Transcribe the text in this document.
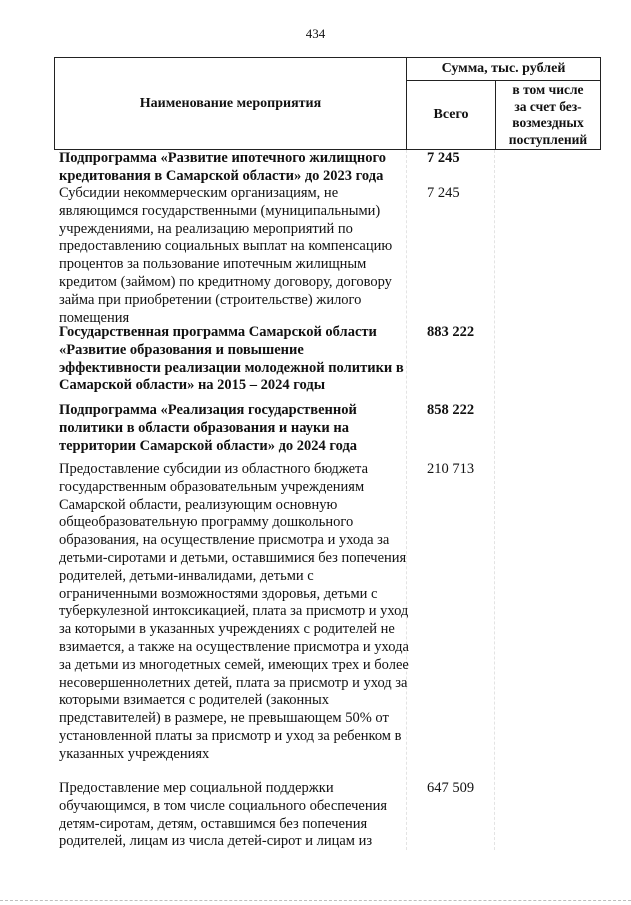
434
Наименование мероприятия
Сумма, тыс. рублей
Всего
в том числе
за счет без-
возмездных
поступлений
Подпрограмма «Развитие ипотечного жилищного кредитования в Самарской области» до 2023 года
7 245
Субсидии некоммерческим организациям, не являющимся государственными (муниципальными) учреждениями, на реализацию мероприятий по предоставлению социальных выплат на компенсацию процентов за пользование ипотечным жилищным кредитом (займом) по кредитному договору, договору займа при приобретении (строительстве) жилого помещения
7 245
Государственная программа Самарской области «Развитие образования и повышение эффективности реализации молодежной политики в Самарской области» на 2015 – 2024 годы
883 222
Подпрограмма «Реализация государственной политики в области образования и науки на территории Самарской области» до 2024 года
858 222
Предоставление субсидии из областного бюджета государственным образовательным учреждениям Самарской области, реализующим основную общеобразовательную программу дошкольного образования, на осуществление присмотра и ухода за детьми-сиротами и детьми, оставшимися без попечения родителей, детьми-инвалидами, детьми с ограниченными возможностями здоровья, детьми с туберкулезной интоксикацией, плата за присмотр и уход за которыми в указанных учреждениях с родителей не взимается, а также на осуществление присмотра и ухода за детьми из многодетных семей, имеющих трех и более несовершеннолетних детей, плата за присмотр и уход за которыми взимается с родителей (законных представителей) в размере, не превышающем 50% от установленной платы за присмотр и уход за ребенком в указанных учреждениях
210 713
Предоставление мер социальной поддержки обучающимся, в том числе социального обеспечения детям-сиротам, детям, оставшимся без попечения родителей, лицам из числа детей-сирот и лицам из
647 509
